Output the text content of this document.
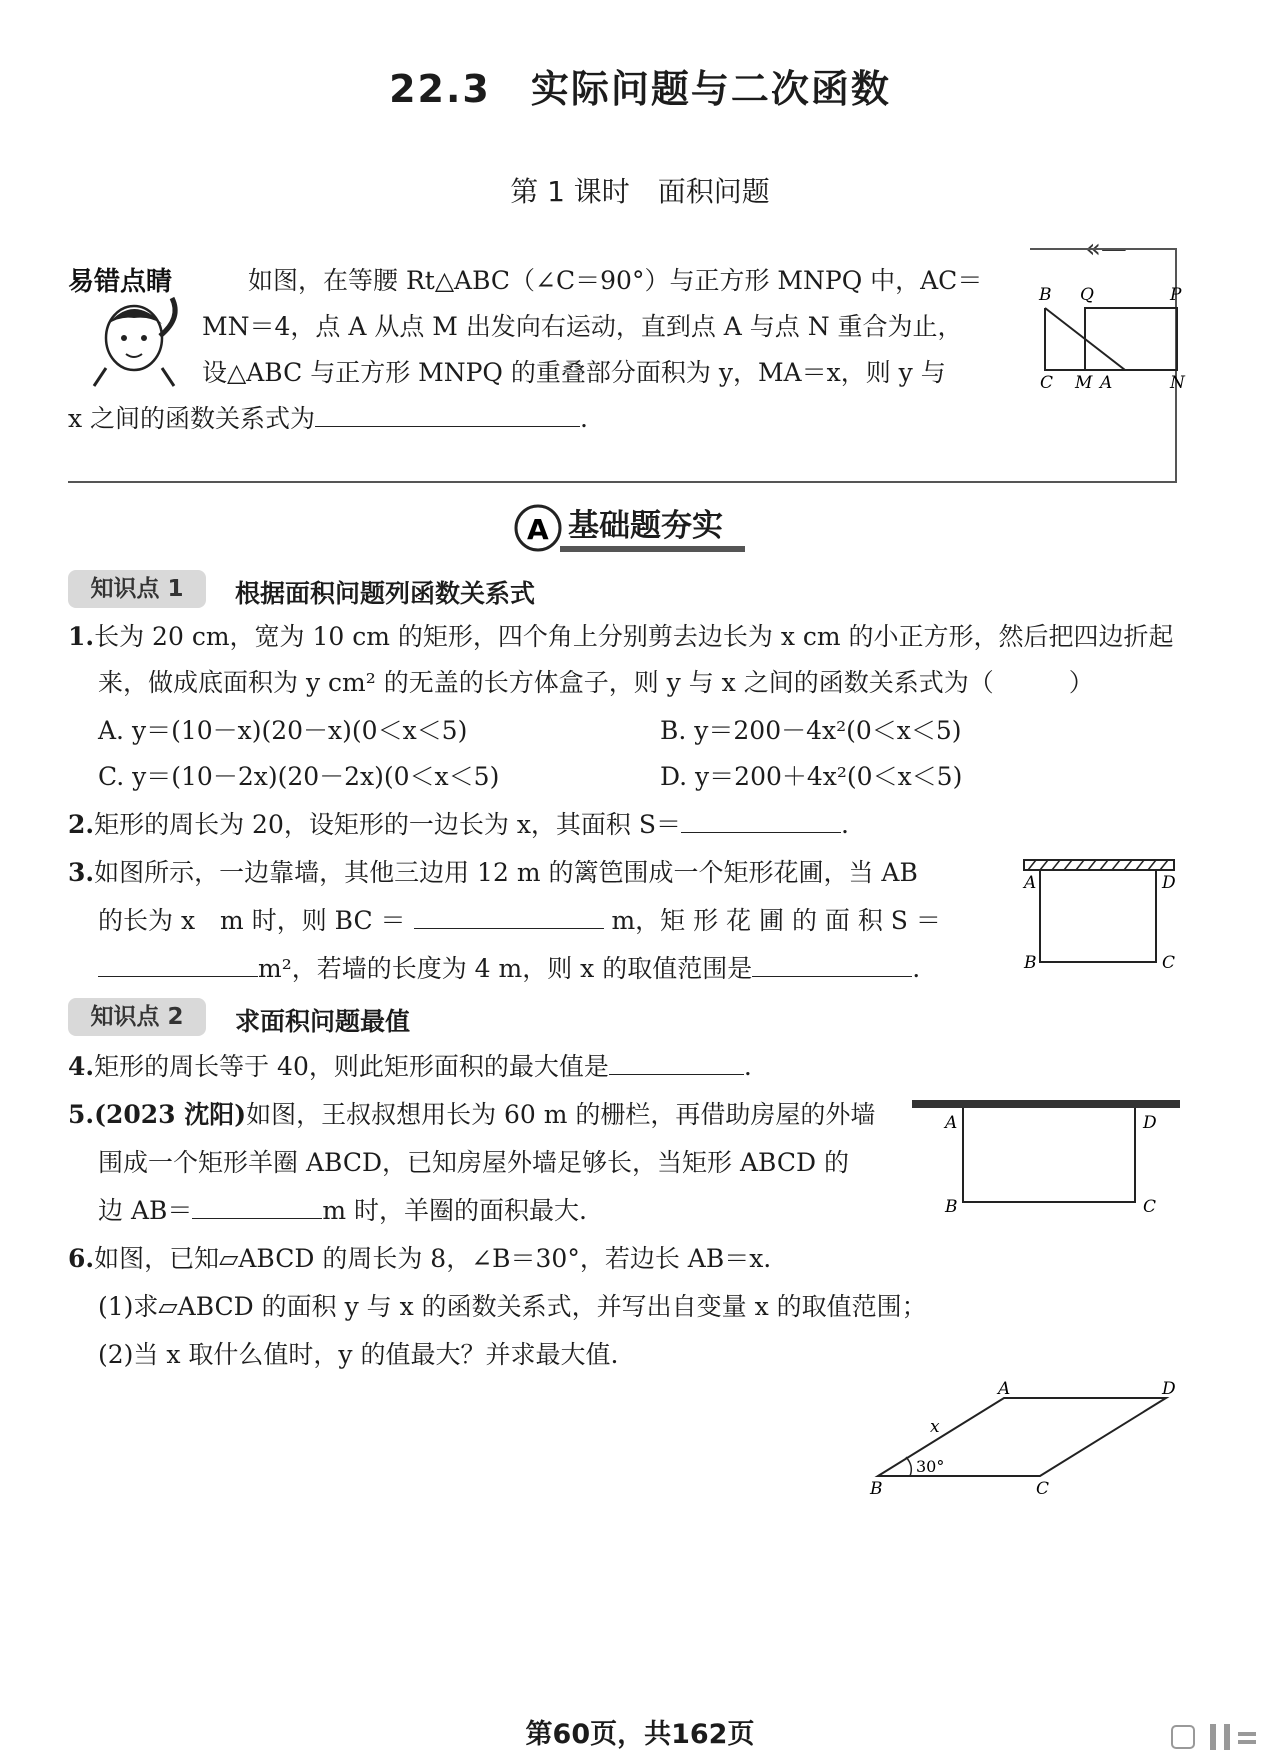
22.3　实际问题与二次函数
第 1 课时　面积问题
«—
易错点睛	如图，在等腰 Rt△ABC（∠C＝90°）与正方形 MNPQ 中，AC＝
MN＝4，点 A 从点 M 出发向右运动，直到点 A 与点 N 重合为止，
设△ABC 与正方形 MNPQ 的重叠部分面积为 y，MA＝x，则 y 与
x 之间的函数关系式为	.
B Q	P
C M A	N
A 基础题夯实
知识点 1	根据面积问题列函数关系式
1.长为 20 cm，宽为 10 cm 的矩形，四个角上分别剪去边长为 x cm 的小正方形，然后把四边折起
来，做成底面积为 y cm² 的无盖的长方体盒子，则 y 与 x 之间的函数关系式为（　　　）
A. y＝(10－x)(20－x)(0＜x＜5)	B. y＝200－4x²(0＜x＜5)
C. y＝(10－2x)(20－2x)(0＜x＜5)	D. y＝200＋4x²(0＜x＜5)
2.矩形的周长为 20，设矩形的一边长为 x，其面积 S＝	.
3.如图所示，一边靠墙，其他三边用 12 m 的篱笆围成一个矩形花圃，当 AB
的长为 x　m 时，则 BC ＝	m，矩 形 花 圃 的 面 积 S ＝
m²，若墙的长度为 4 m，则 x 的取值范围是	.
A	D
B	C
知识点 2	求面积问题最值
4.矩形的周长等于 40，则此矩形面积的最大值是	.
5.(2023 沈阳)如图，王叔叔想用长为 60 m 的栅栏，再借助房屋的外墙
围成一个矩形羊圈 ABCD，已知房屋外墙足够长，当矩形 ABCD 的
边 AB＝	m 时，羊圈的面积最大.
A	D
B	C
6.如图，已知▱ABCD 的周长为 8，∠B＝30°，若边长 AB＝x.
(1)求▱ABCD 的面积 y 与 x 的函数关系式，并写出自变量 x 的取值范围；
(2)当 x 取什么值时，y 的值最大？并求最大值.
A	D
B	C
x
30°
第60页，共162页
